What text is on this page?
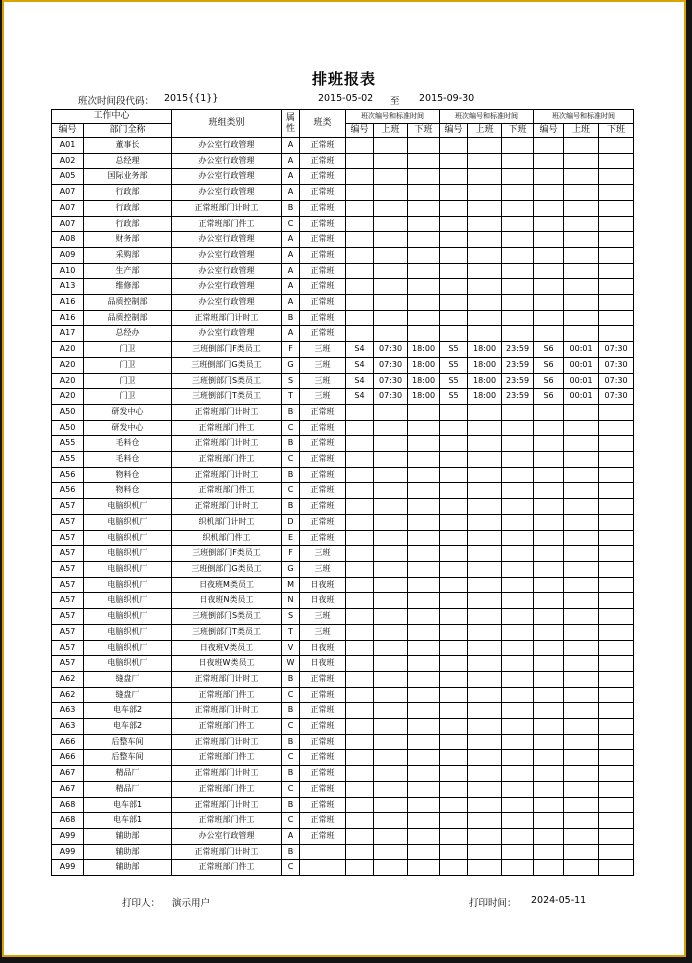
排班报表
班次时间段代码： 2015{{1}}	2015-05-02 至 2015-09-30
工作中心		班组类别	属性	班类	班次编号和标准时间			班次编号和标准时间			班次编号和标准时间		
编号	部门全称				编号	上班	下班	编号	上班	下班	编号	上班	下班
A01	董事长	办公室行政管理	A	正常班									
A02	总经理	办公室行政管理	A	正常班									
A05	国际业务部	办公室行政管理	A	正常班									
A07	行政部	办公室行政管理	A	正常班									
A07	行政部	正常班部门计时工	B	正常班									
A07	行政部	正常班部门件工	C	正常班									
A08	财务部	办公室行政管理	A	正常班									
A09	采购部	办公室行政管理	A	正常班									
A10	生产部	办公室行政管理	A	正常班									
A13	维修部	办公室行政管理	A	正常班									
A16	品质控制部	办公室行政管理	A	正常班									
A16	品质控制部	正常班部门计时工	B	正常班									
A17	总经办	办公室行政管理	A	正常班									
A20	门卫	三班倒部门F类员工	F	三班	S4	07:30	18:00	S5	18:00	23:59	S6	00:01	07:30
A20	门卫	三班倒部门G类员工	G	三班	S4	07:30	18:00	S5	18:00	23:59	S6	00:01	07:30
A20	门卫	三班倒部门S类员工	S	三班	S4	07:30	18:00	S5	18:00	23:59	S6	00:01	07:30
A20	门卫	三班倒部门T类员工	T	三班	S4	07:30	18:00	S5	18:00	23:59	S6	00:01	07:30
A50	研发中心	正常班部门计时工	B	正常班									
A50	研发中心	正常班部门件工	C	正常班									
A55	毛料仓	正常班部门计时工	B	正常班									
A55	毛料仓	正常班部门件工	C	正常班									
A56	物料仓	正常班部门计时工	B	正常班									
A56	物料仓	正常班部门件工	C	正常班									
A57	电脑织机厂	正常班部门计时工	B	正常班									
A57	电脑织机厂	织机部门计时工	D	正常班									
A57	电脑织机厂	织机部门件工	E	正常班									
A57	电脑织机厂	三班倒部门F类员工	F	三班									
A57	电脑织机厂	三班倒部门G类员工	G	三班									
A57	电脑织机厂	日夜班M类员工	M	日夜班									
A57	电脑织机厂	日夜班N类员工	N	日夜班									
A57	电脑织机厂	三班倒部门S类员工	S	三班									
A57	电脑织机厂	三班倒部门T类员工	T	三班									
A57	电脑织机厂	日夜班V类员工	V	日夜班									
A57	电脑织机厂	日夜班W类员工	W	日夜班									
A62	缝盘厂	正常班部门计时工	B	正常班									
A62	缝盘厂	正常班部门件工	C	正常班									
A63	电车部2	正常班部门计时工	B	正常班									
A63	电车部2	正常班部门件工	C	正常班									
A66	后整车间	正常班部门计时工	B	正常班									
A66	后整车间	正常班部门件工	C	正常班									
A67	精品厂	正常班部门计时工	B	正常班									
A67	精品厂	正常班部门件工	C	正常班									
A68	电车部1	正常班部门计时工	B	正常班									
A68	电车部1	正常班部门件工	C	正常班									
A99	辅助部	办公室行政管理	A	正常班									
A99	辅助部	正常班部门计时工	B										
A99	辅助部	正常班部门件工	C										
打印人： 演示用户	打印时间： 2024-05-11
